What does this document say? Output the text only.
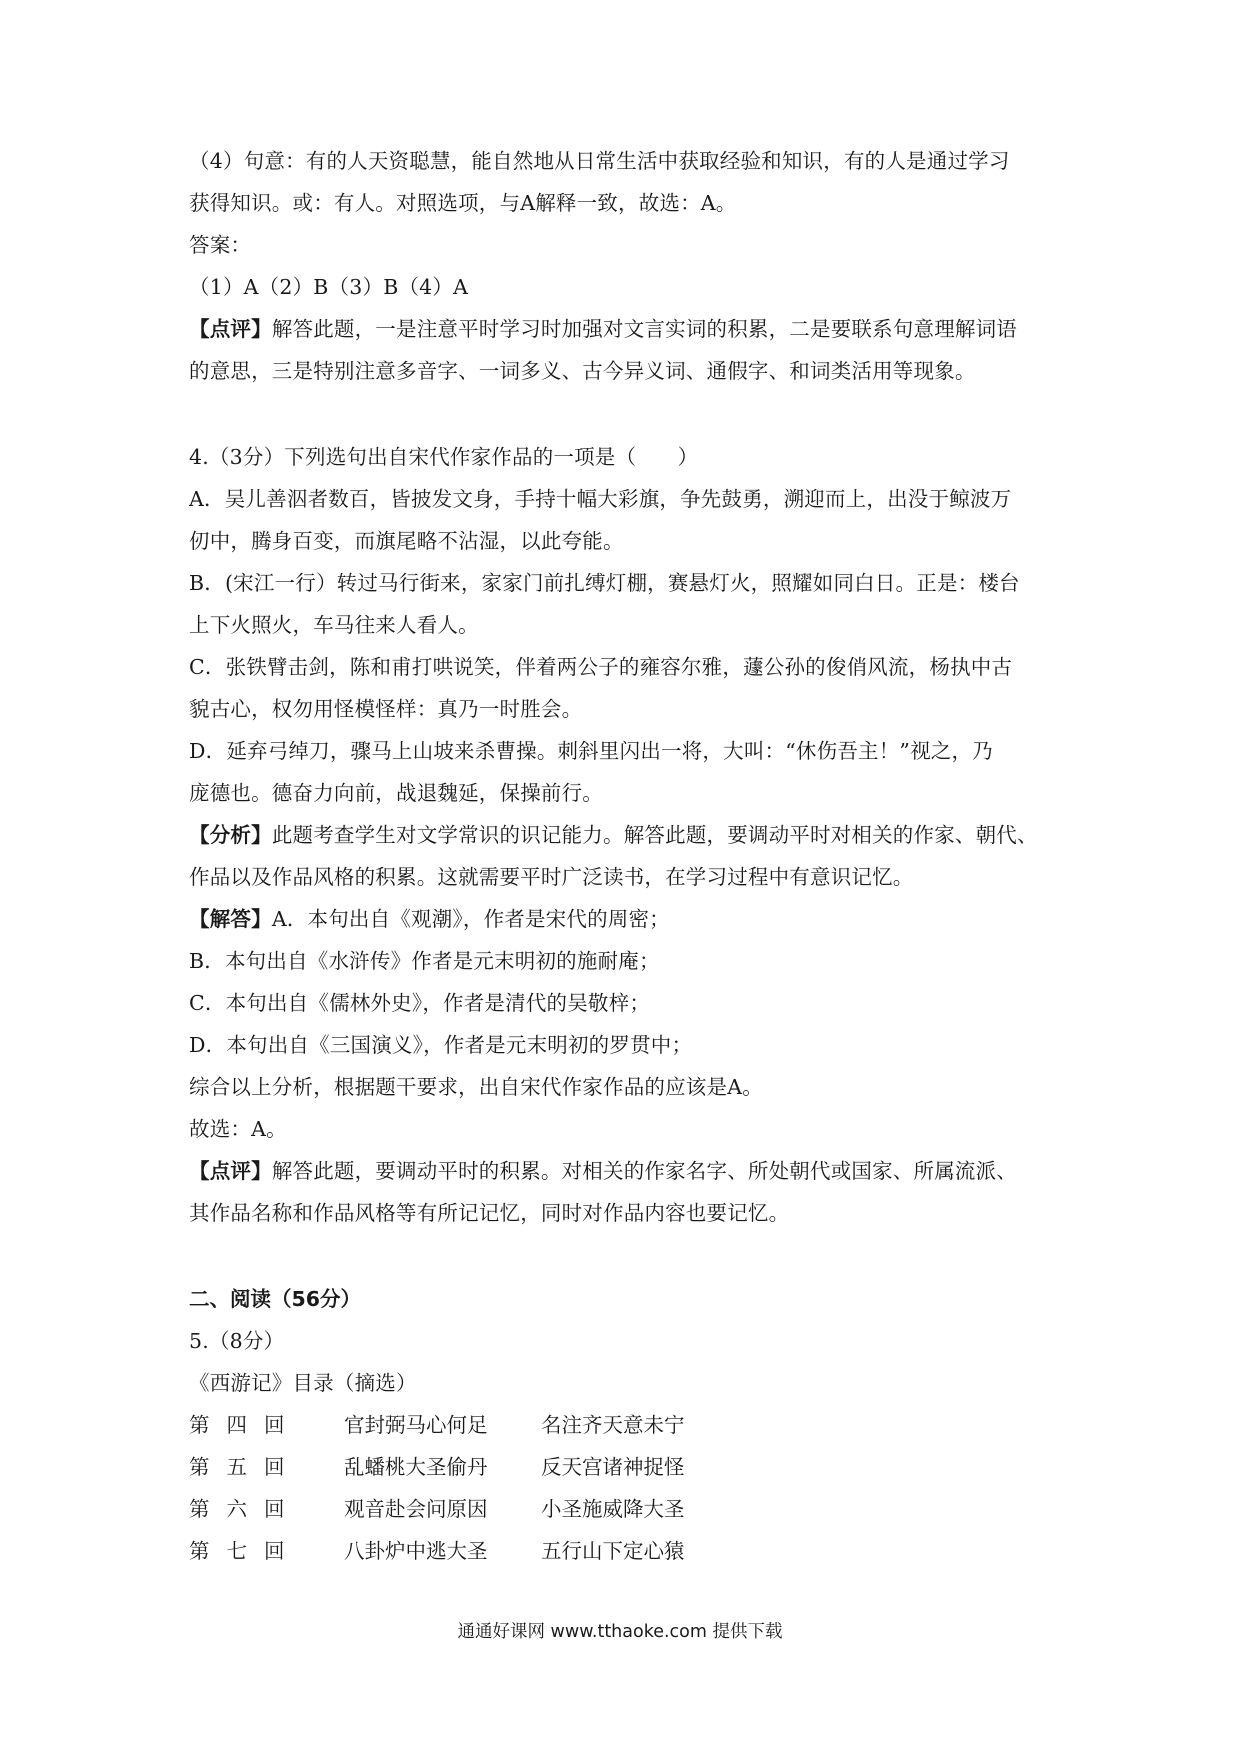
（4）句意：有的人天资聪慧，能自然地从日常生活中获取经验和知识，有的人是通过学习
获得知识。或：有人。对照选项，与A解释一致，故选：A。
答案：
（1）A（2）B（3）B（4）A
【点评】解答此题，一是注意平时学习时加强对文言实词的积累，二是要联系句意理解词语
的意思，三是特别注意多音字、一词多义、古今异义词、通假字、和词类活用等现象。
4.（3分）下列选句出自宋代作家作品的一项是（　　）
A．吴儿善泅者数百，皆披发文身，手持十幅大彩旗，争先鼓勇，溯迎而上，出没于鲸波万
仞中，腾身百变，而旗尾略不沾湿，以此夸能。
B．(宋江一行）转过马行街来，家家门前扎缚灯棚，赛悬灯火，照耀如同白日。正是：楼台
上下火照火，车马往来人看人。
C．张铁臂击剑，陈和甫打哄说笑，伴着两公子的雍容尔雅，蘧公孙的俊俏风流，杨执中古
貌古心，权勿用怪模怪样：真乃一时胜会。
D．延弃弓绰刀，骤马上山坡来杀曹操。刺斜里闪出一将，大叫：“休伤吾主！”视之，乃
庞德也。德奋力向前，战退魏延，保操前行。
【分析】此题考查学生对文学常识的识记能力。解答此题，要调动平时对相关的作家、朝代、
作品以及作品风格的积累。这就需要平时广泛读书，在学习过程中有意识记忆。
【解答】A．本句出自《观潮》，作者是宋代的周密；
B．本句出自《水浒传》作者是元末明初的施耐庵；
C．本句出自《儒林外史》，作者是清代的吴敬梓；
D．本句出自《三国演义》，作者是元末明初的罗贯中；
综合以上分析，根据题干要求，出自宋代作家作品的应该是A。
故选：A。
【点评】解答此题，要调动平时的积累。对相关的作家名字、所处朝代或国家、所属流派、
其作品名称和作品风格等有所记记忆，同时对作品内容也要记忆。
二、阅读（56分）
5.（8分）
《西游记》目录（摘选）
第四回	官封弼马心何足	名注齐天意未宁
第五回	乱蟠桃大圣偷丹	反天宫诸神捉怪
第六回	观音赴会问原因	小圣施威降大圣
第七回	八卦炉中逃大圣	五行山下定心猿
通通好课网 www.tthaoke.com 提供下载
